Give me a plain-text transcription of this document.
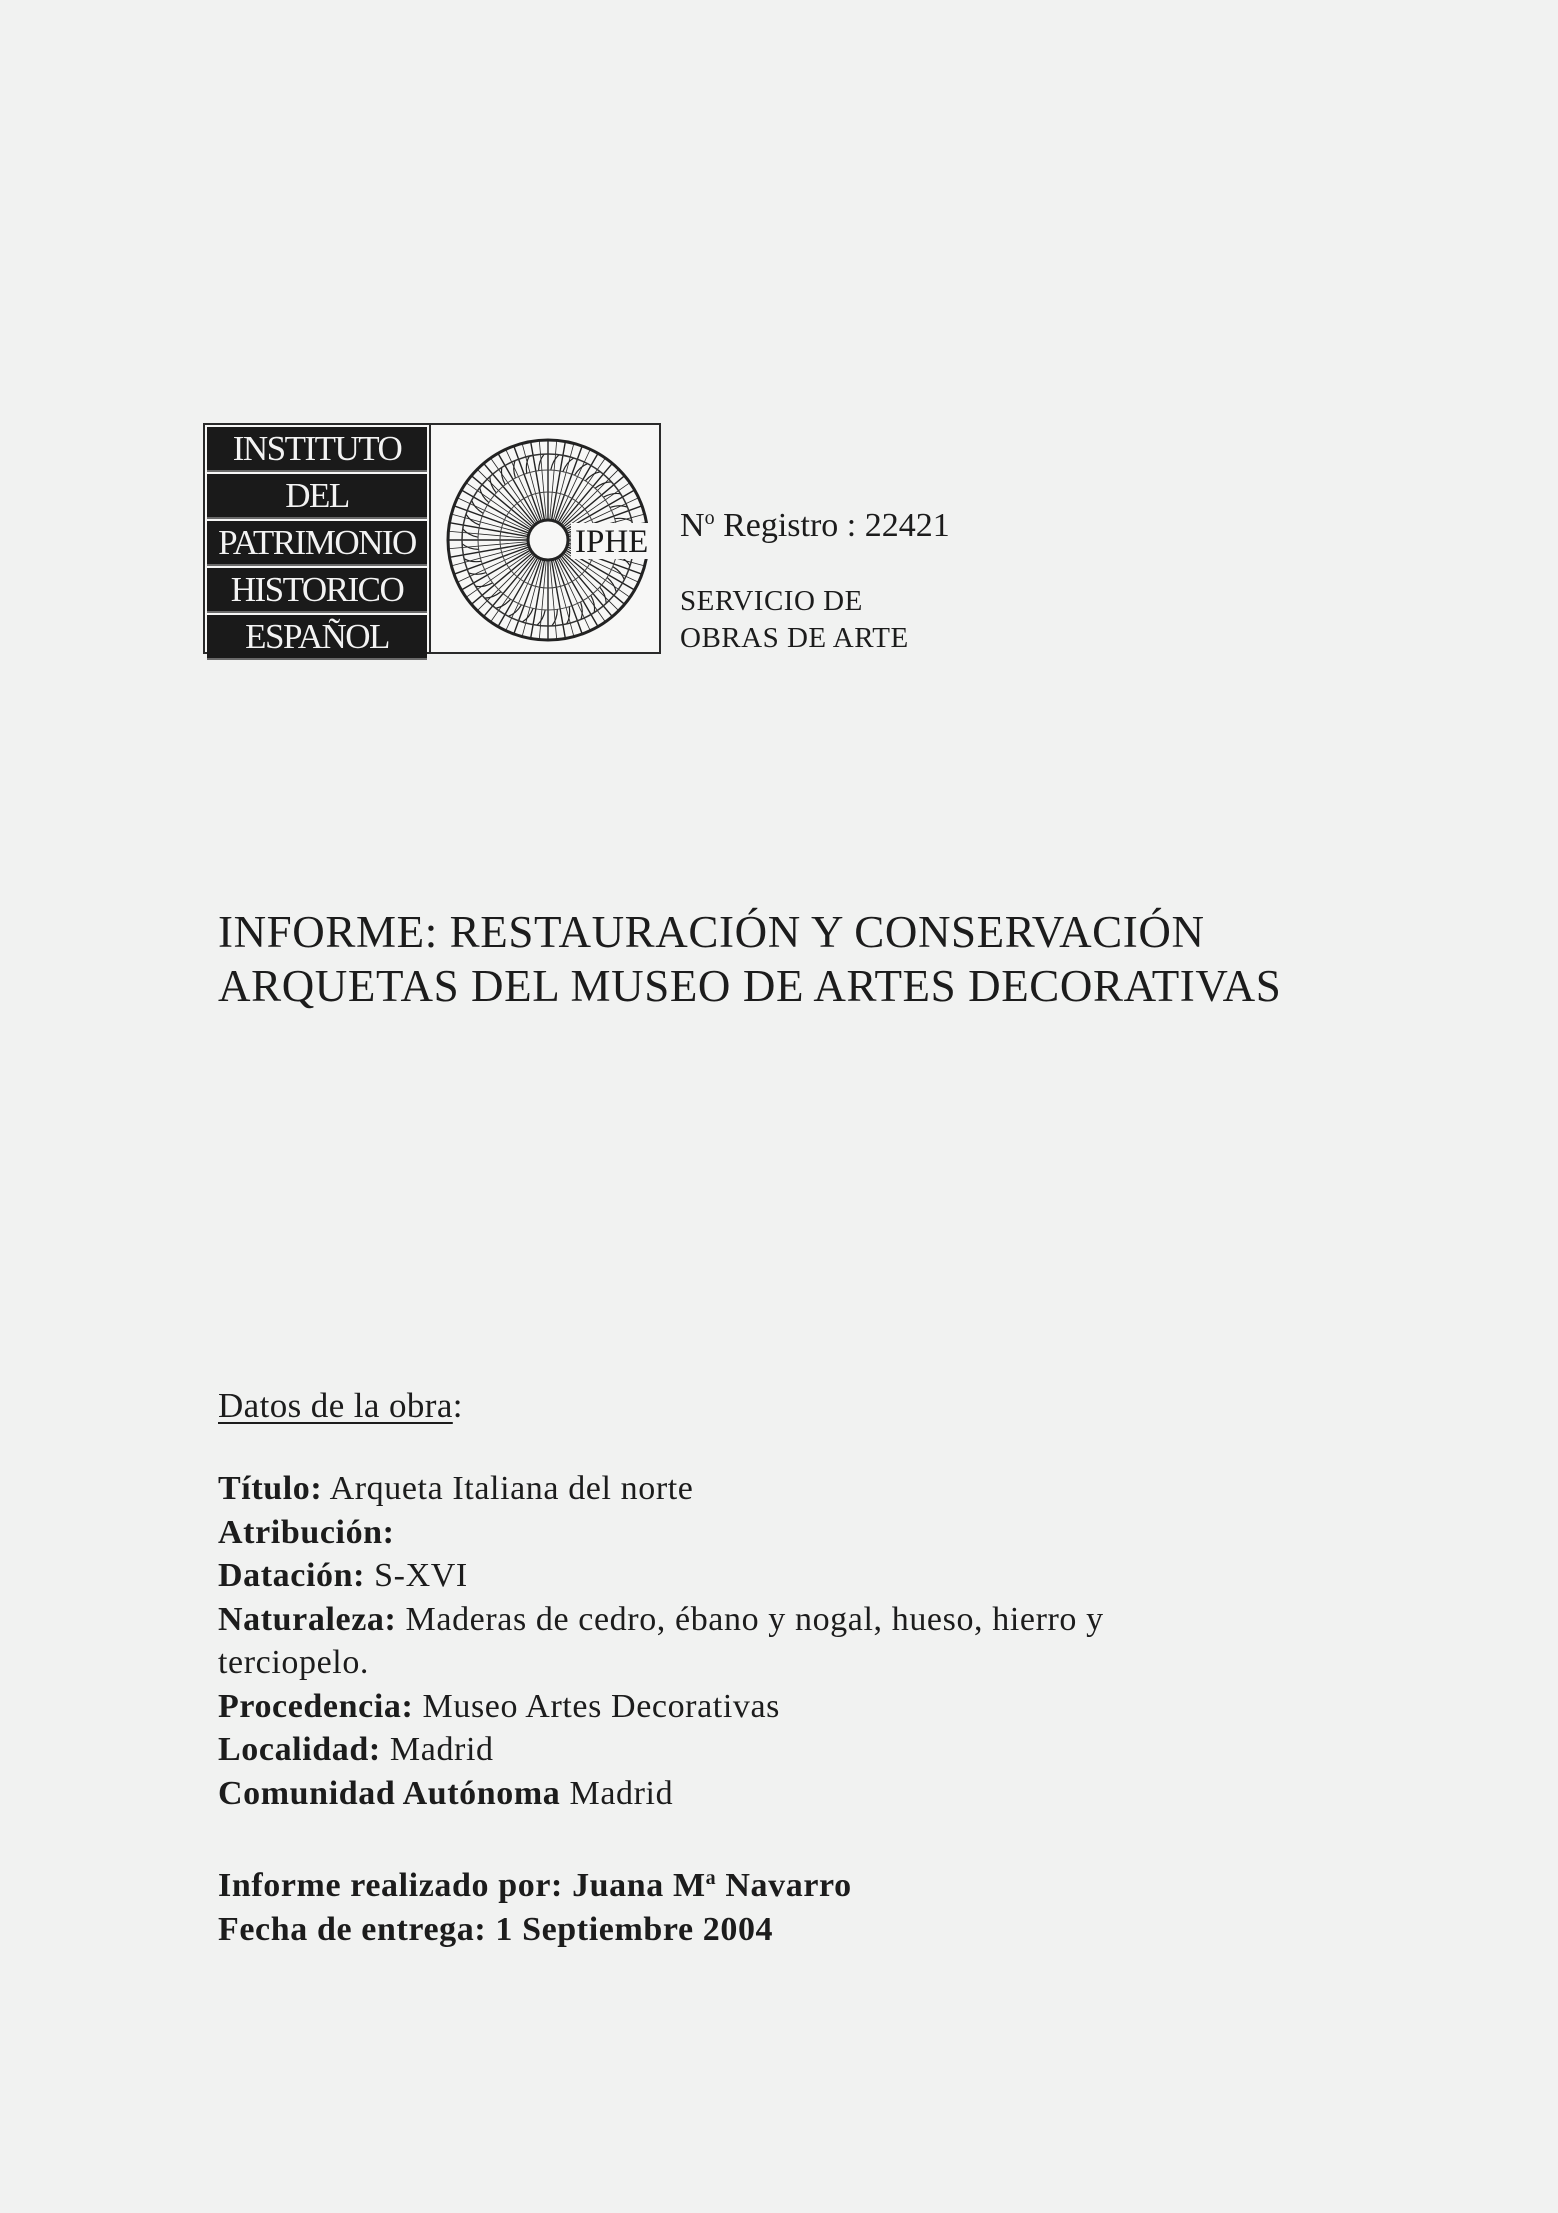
INSTITUTO
DEL
PATRIMONIO
HISTORICO
ESPAÑOL
IPHE $N^o$ Registro : 22421
SERVICIO DE
OBRAS DE ARTE
INFORME: RESTAURACIÓN Y CONSERVACIÓN
ARQUETAS DEL MUSEO DE ARTES DECORATIVAS
Datos de la obra:
Título: Arqueta Italiana del norte
Atribución:
Datación: S-XVI
Naturaleza: Maderas de cedro, ébano y nogal, hueso, hierro y terciopelo.
Procedencia: Museo Artes Decorativas
Localidad: Madrid
Comunidad Autónoma Madrid
Informe realizado por: Juana $M^a$ Navarro
Fecha de entrega: 1 Septiembre 2004
